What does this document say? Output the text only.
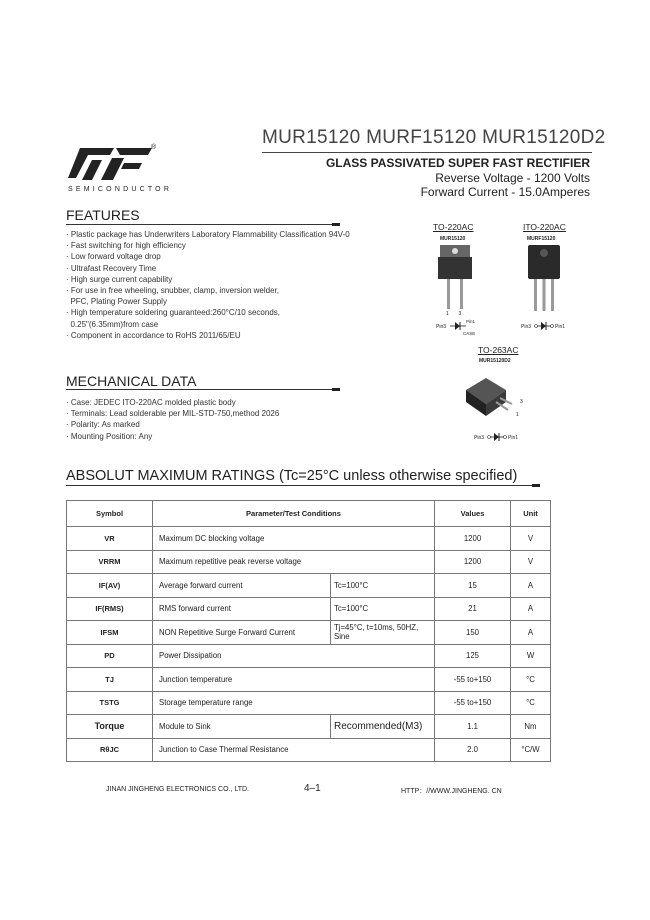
®
SEMICONDUCTOR
MUR15120 MURF15120 MUR15120D2
GLASS PASSIVATED SUPER FAST RECTIFIER
Reverse Voltage - 1200 Volts
Forward Current - 15.0Amperes
FEATURES
· Plastic package has Underwriters Laboratory Flammability Classification 94V-0
· Fast switching for high efficiency
· Low forward voltage drop
· Ultrafast Recovery Time
· High surge current capability
· For use in free wheeling, snubber, clamp, inversion welder,
PFC, Plating Power Supply
· High temperature soldering guaranteed:260°C/10 seconds,
0.25"(6.35mm)from case
· Component in accordance to RoHS 2011/65/EU
TO-220AC
MUR15120
1       3
Pin3
Pin1
CASE
ITO-220AC
MURF15120
Pin3	Pin1
TO-263AC
MUR15120D2
3
1
Pin3	Pin1
MECHANICAL DATA
· Case: JEDEC ITO-220AC molded plastic body
· Terminals: Lead solderable per MIL-STD-750,method 2026
· Polarity: As marked
· Mounting Position: Any
ABSOLUT MAXIMUM RATINGS (Tc=25°C unless otherwise specified)
Symbol	Parameter/Test Conditions		Values	Unit
VR	Maximum DC blocking voltage		1200	V
VRRM	Maximum repetitive peak reverse voltage		1200	V
IF(AV)	Average forward current	Tc=100°C	15	A
IF(RMS)	RMS forward current	Tc=100°C	21	A
IFSM	NON Repetitive Surge Forward Current	Tj=45°C, t=10ms, 50HZ, Sine	150	A
PD	Power Dissipation		125	W
TJ	Junction temperature		-55 to+150	°C
TSTG	Storage temperature range		-55 to+150	°C
Torque	Module to Sink	Recommended(M3)	1.1	Nm
RθJC	Junction to Case Thermal Resistance		2.0	°C/W
JINAN JINGHENG ELECTRONICS CO., LTD.	4–1	HTTP：//WWW.JINGHENG. CN
